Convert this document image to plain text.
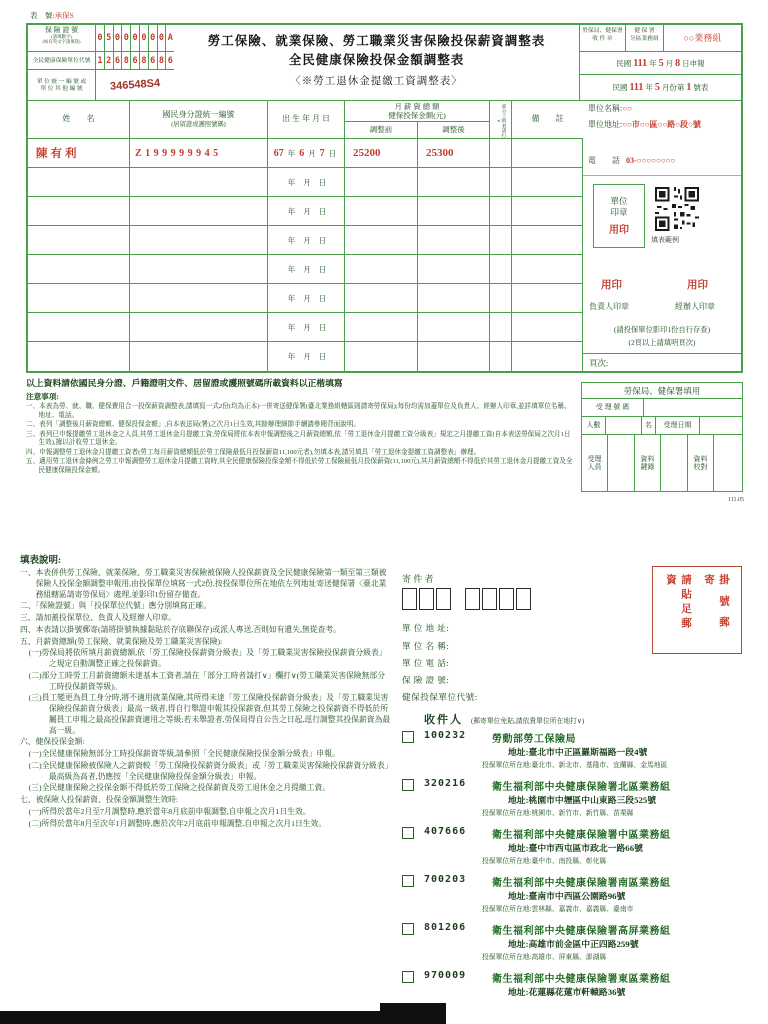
表　號:承保S
保 險 證 號
(請填數字)
(如有英文字請填寫)	0 5 0 0 0 0 0 0 A
全民健康保險單位代號 1 2 6 8 6 8 6 8 6
單 位 統 一 編 號 或
單 位 其 他 編 號	346548S4
勞工保險、就業保險、勞工職業災害保險投保薪資調整表
全民健康保險投保金額調整表
〈※勞工退休金提繳工資調整表〉
勞保局、健保署
收 件 章
健 保 署
分區業務組	○○業務組
民國 111 年 5 月 8 日申報
民國 111 年 5 月份第 1 號表
姓　　名	國民身分證統一編號
(居留證或護照號碼)
出 生 年 月 日
月 薪 資 總 額
健保投保金額(元)
調整前	調整後	部分工時者請打∨	備　　註
陳有利	Z199999945	67 年 6 月 7 日	25200	25300
年 月 日
年 月 日
年 月 日
年 月 日
年 月 日
年 月 日
年 月 日
單位名稱:○○
單位地址:○○市○○區○○路○段○號
電　　話 03-○○○○○○○○
單位印章
用印
填表範例
用印	用印
負責人印章	經辦人印章
(請投保單位影印1份自行存查)
(2頁以上請填明頁次)
頁次:
以上資料請依國民身分證、戶籍證明文件、居留證或護照號碼所載資料以正楷填寫
注意事項:
一、本表為勞、就、職、健保費用合一投保薪資調整表,請填寫一式2份(均為正本)一併寄送健保署(臺北業務組轄區則請寄勞保局);每份均需加蓋單位及負責人、經辦人印章,並詳填單位名稱、地址、電話。
二、表列「調整後月薪資總額、健保投保金額」,自本表送局(署)之次月1日生效,其餘辦理細節手續請參閱背面說明。
三、表列已申報提繳勞工退休金之人員,其勞工退休金月提繳工資,勞保局將依本表申報調整後之月薪資總額,依「勞工退休金月提繳工資分級表」規定之月提繳工資(自本表送勞保局之次月1日生效),據以計收勞工退休金。
四、申報調整勞工退休金月提繳工資者(勞工每月薪資總額低於勞工保險最低月投保薪資11,100元者),勿填本表,請另填具「勞工退休金提繳工資調整表」辦理。
五、適用勞工退休金條例之勞工申報調整勞工退休金月提繳工資時,其全民健康保險投保金額不得低於勞工保險最低月投保薪資(11,100元),其月薪資總額不得低於其勞工退休金月提繳工資及全民健康保險投保金額。
勞保局、健保署填用
受 理 號 碼
人數	名	受理日期
受理人員
資料鍵錄
資料校對
111.05
填表說明:
一、本表併供勞工保險、就業保險、勞工職業災害保險被保險人投保薪資及全民健康保險第一類至第三類被保險人投保金額調整申報用,由投保單位填寫一式2份,按投保單位所在地依左列地址寄送健保署〈臺北業務組轄區請寄勞保局〉處理,並影印1份留存備查。
二、「保險證號」與「投保單位代號」應分別填寫正確。
三、請加蓋投保單位、負責人及經辦人印章。
四、本表請以掛號郵寄(請將掛號執據黏貼於存底聯保存)或派人專送,否則如有遺失,無從查考。
五、月薪資總額(勞工保險、就業保險及勞工職業災害保險):
(一)勞保局將依所填月薪資總額,依「勞工保險投保薪資分級表」及「勞工職業災害保險投保薪資分級表」之規定自動調整正確之投保薪資。
(二)部分工時勞工月薪資總額未達基本工資者,請在「部分工時者請打∨」欄打∨(勞工職業災害保險無部分工時投保薪資等級)。
(三)員工變更為員工身分時,將不適用就業保險,其所得未達「勞工保險投保薪資分級表」及「勞工職業災害保險投保薪資分級表」最高一級者,得自行舉證申報其投保薪資,但其勞工保險之投保薪資不得低於所屬員工申報之最高投保薪資適用之等級;若未舉證者,勞保局得自公告之日起,逕行調整其投保薪資為最高一級。
六、健保投保金額:
(一)全民健康保險無部分工時投保薪資等級,請參照「全民健康保險投保金額分級表」申報。
(二)全民健康保險被保險人之薪資較「勞工保險投保薪資分級表」或「勞工職業災害保險投保薪資分級表」最高級為高者,仍應按「全民健康保險投保金額分級表」申報。
(三)全民健康保險之投保金額不得低於勞工保險之投保薪資及勞工退休金之月提繳工資。
七、被保險人投保薪資、投保金額調整生效時:
(一)所得於當年2月至7月調整時,應於當年8月底前申報調整,自申報之次月1日生效。
(二)所得於當年8月至次年1月調整時,應於次年2月底前申報調整,自申報之次月1日生效。
寄 件 者
單 位 地 址:
單 位 名 稱:
單 位 電 話:
保 險 證 號:
健保投保單位代號:
請貼足郵資	掛 號 郵 寄
收件人 (郵寄單位免貼,請依貴單位所在地打∨)
100232	勞動部勞工保險局
地址:臺北市中正區羅斯福路一段4號
投保單位所在地:臺北市、新北市、基隆市、宜蘭縣、金馬地區
320216	衛生福利部中央健康保險署北區業務組
地址:桃園市中壢區中山東路三段525號
投保單位所在地:桃園市、新竹市、新竹縣、苗栗縣
407666	衛生福利部中央健康保險署中區業務組
地址:臺中市西屯區市政北一路66號
投保單位所在地:臺中市、南投縣、彰化縣
700203	衛生福利部中央健康保險署南區業務組
地址:臺南市中西區公園路96號
投保單位所在地:雲林縣、嘉義市、嘉義縣、臺南市
801206	衛生福利部中央健康保險署高屏業務組
地址:高雄市前金區中正四路259號
投保單位所在地:高雄市、屏東縣、澎湖縣
970009	衛生福利部中央健康保險署東區業務組
地址:花蓮縣花蓮市軒轅路36號
